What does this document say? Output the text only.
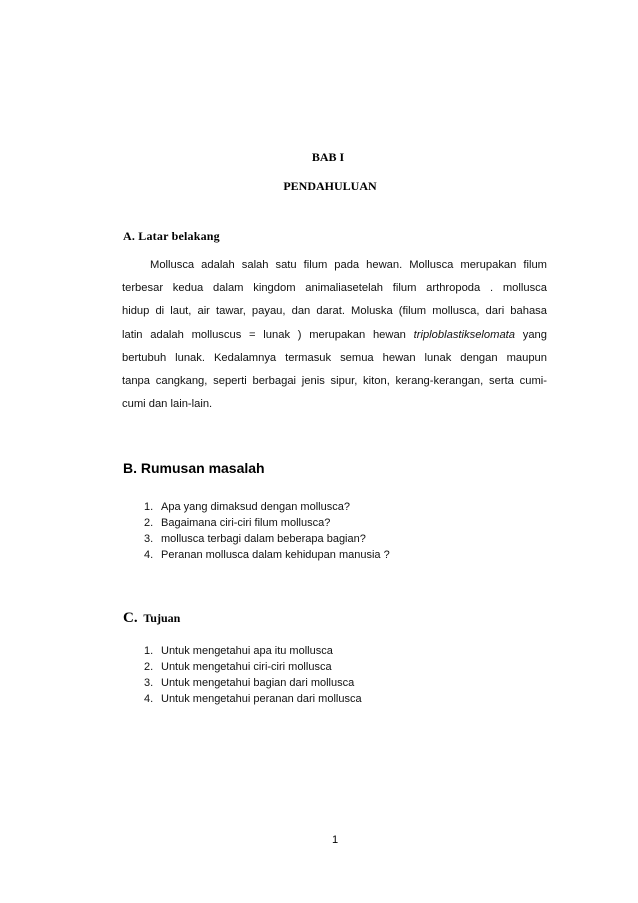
BAB I
PENDAHULUAN
A. Latar belakang
Mollusca adalah salah satu filum pada hewan. Mollusca merupakan filum
terbesar kedua dalam kingdom animaliasetelah filum arthropoda . mollusca
hidup di laut, air tawar, payau, dan darat. Moluska (filum mollusca, dari bahasa
latin adalah molluscus = lunak ) merupakan hewan triploblastikselomata yang
bertubuh lunak. Kedalamnya termasuk semua hewan lunak dengan maupun
tanpa cangkang, seperti berbagai jenis sipur, kiton, kerang-kerangan, serta cumi-
cumi dan lain-lain.
B. Rumusan masalah
1. Apa yang dimaksud dengan mollusca?
2. Bagaimana ciri-ciri filum mollusca?
3. mollusca terbagi dalam beberapa bagian?
4. Peranan mollusca dalam kehidupan manusia ?
C. Tujuan
1. Untuk mengetahui apa itu mollusca
2. Untuk mengetahui ciri-ciri mollusca
3. Untuk mengetahui bagian dari mollusca
4. Untuk mengetahui peranan dari mollusca
1
